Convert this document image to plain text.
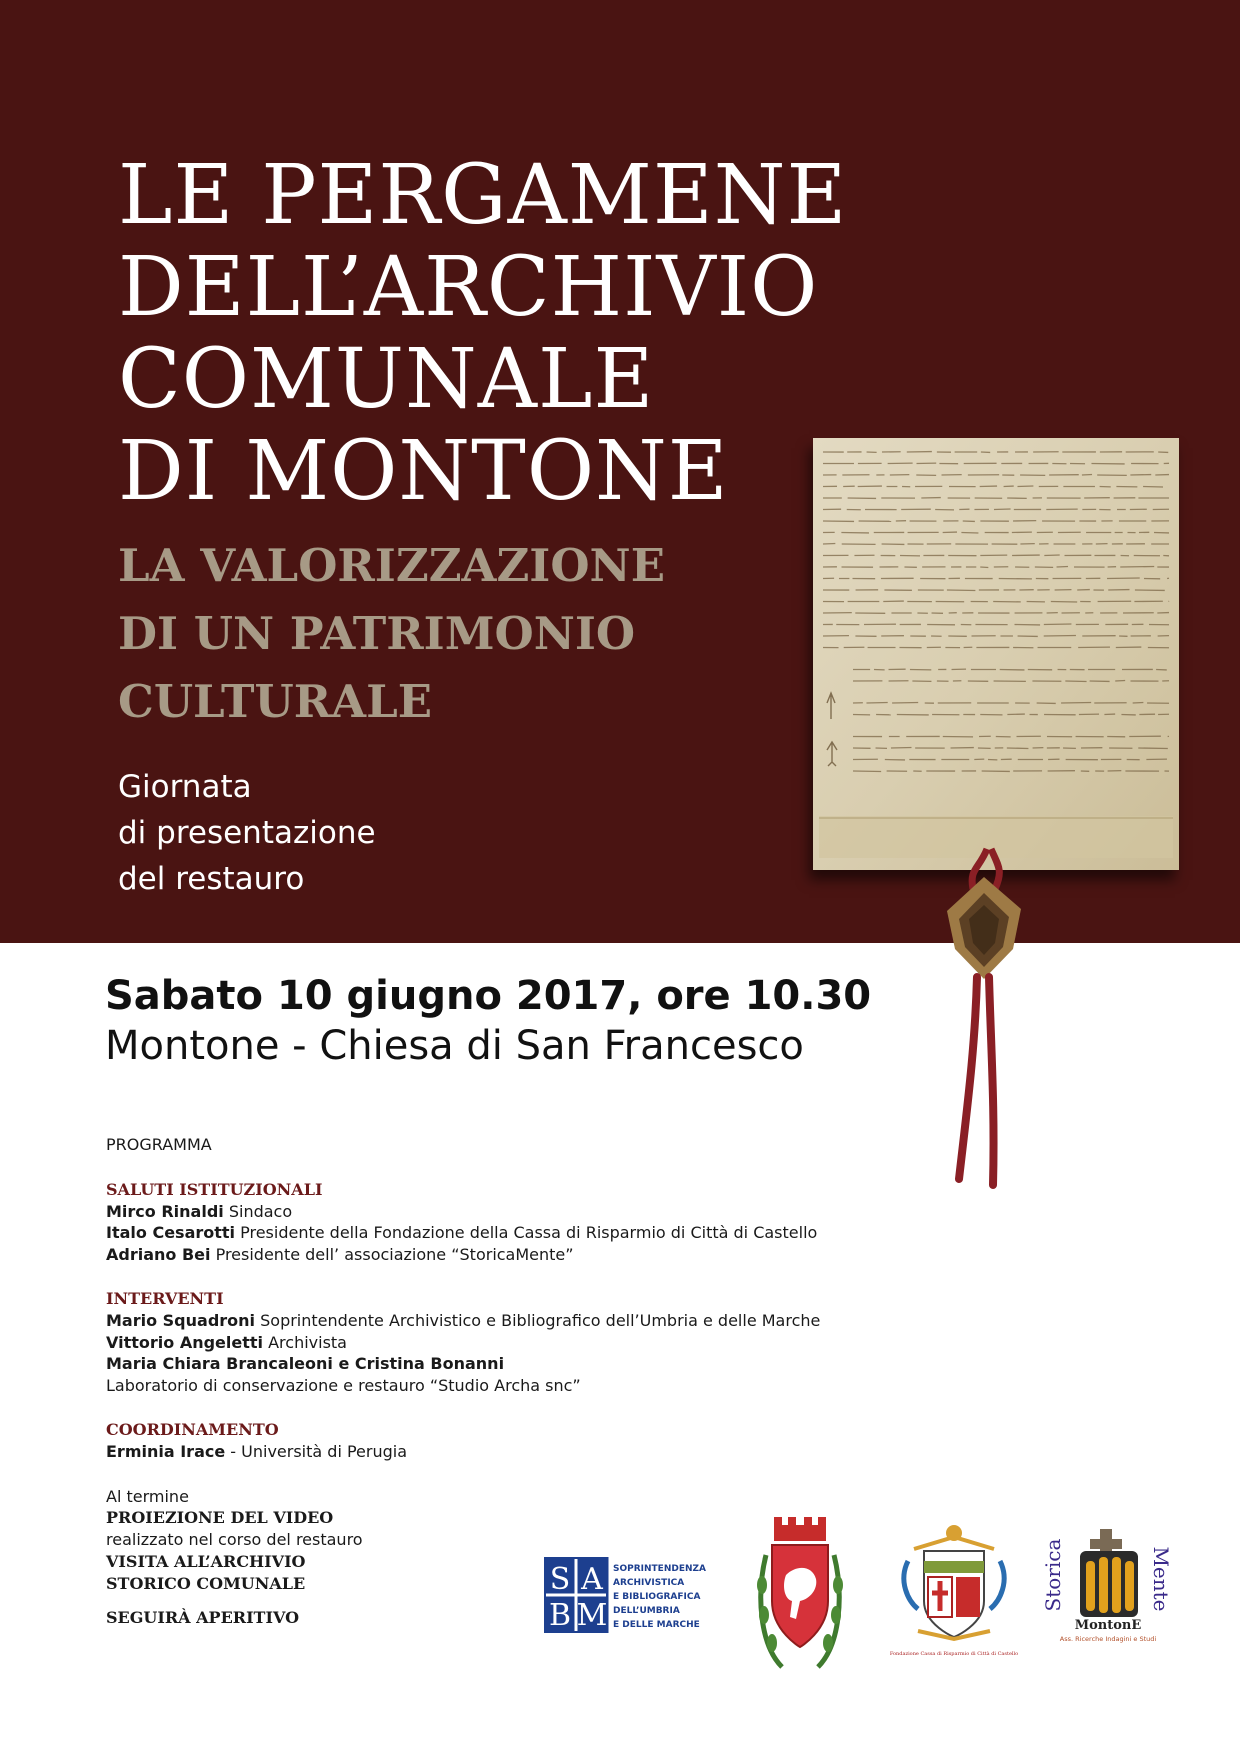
LE PERGAMENE
DELL’ARCHIVIO
COMUNALE
DI MONTONE
LA VALORIZZAZIONE
DI UN PATRIMONIO
CULTURALE
Giornata
di presentazione
del restauro
Sabato 10 giugno 2017, ore 10.30
Montone - Chiesa di San Francesco
PROGRAMMA
SALUTI ISTITUZIONALI
Mirco Rinaldi Sindaco
Italo Cesarotti Presidente della Fondazione della Cassa di Risparmio di Città di Castello
Adriano Bei Presidente dell’ associazione “StoricaMente”
INTERVENTI
Mario Squadroni Soprintendente Archivistico e Bibliografico dell’Umbria e delle Marche
Vittorio Angeletti Archivista
Maria Chiara Brancaleoni e Cristina Bonanni
Laboratorio di conservazione e restauro “Studio Archa snc”
COORDINAMENTO
Erminia Irace - Università di Perugia
Al termine
PROIEZIONE DEL VIDEO
realizzato nel corso del restauro
VISITA ALL’ARCHIVIO
STORICO COMUNALE
SEGUIRÀ APERITIVO
S A
B M
SOPRINTENDENZA
ARCHIVISTICA
E BIBLIOGRAFICA
DELL’UMBRIA
E DELLE MARCHE
Fondazione Cassa di Risparmio di Città di Castello
Storica	Mente
MontonE
Ass. Ricerche Indagini e Studi
